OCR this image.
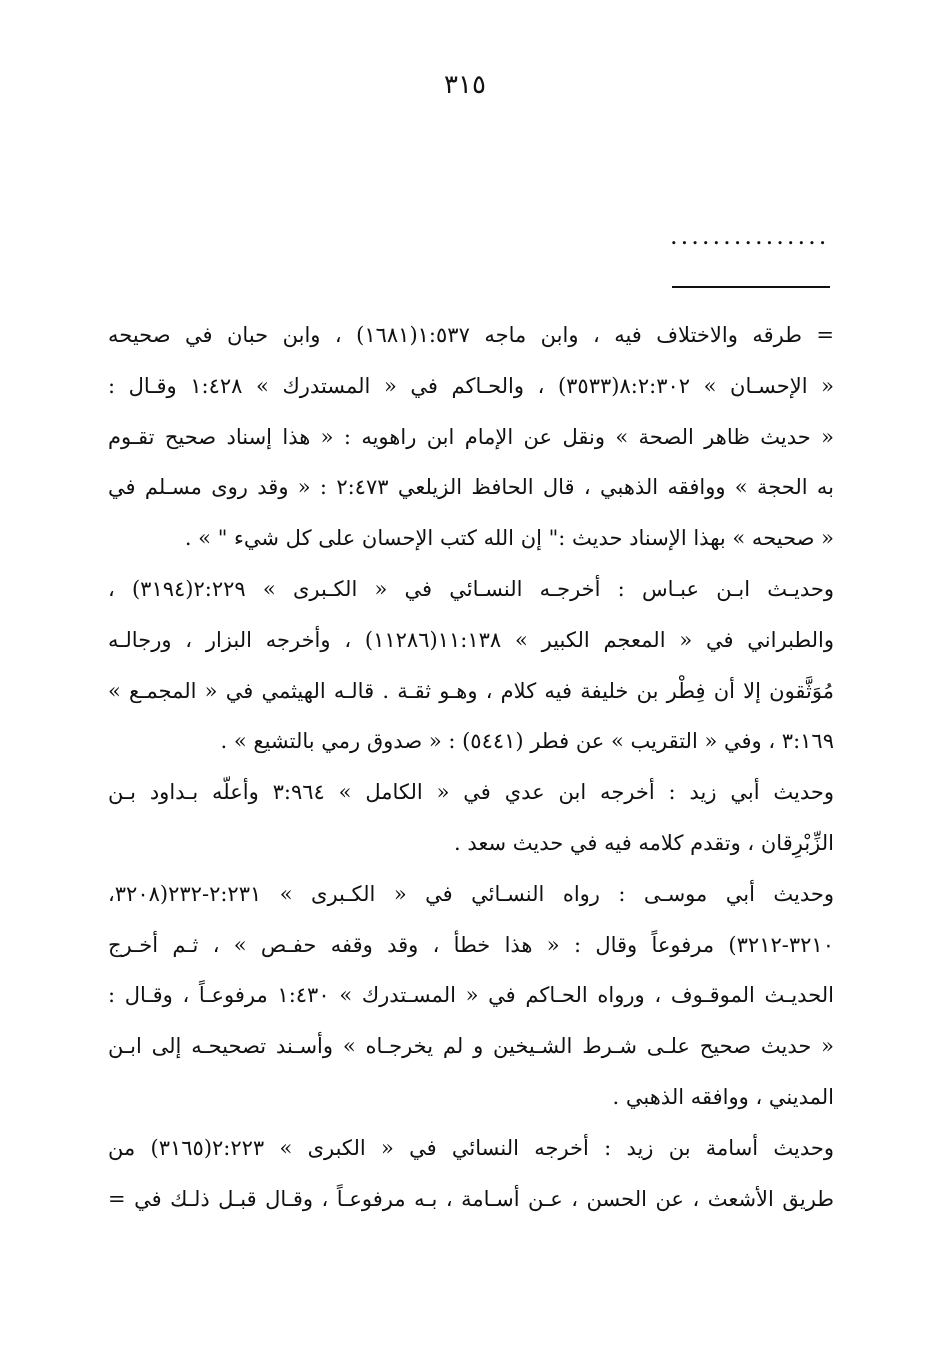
٣١٥
...............
= طرقه والاختلاف فيه ، وابن ماجه ١:٥٣٧(١٦٨١) ، وابن حبان في صحيحه
« الإحسـان » ٨:٢:٣٠٢(٣٥٣٣) ، والحـاكم في « المستدرك » ١:٤٢٨ وقـال :
« حديث ظاهر الصحة » ونقل عن الإمام ابن راهويه : « هذا إسناد صحيح تقـوم
به الحجة » ووافقه الذهبي ، قال الحافظ الزيلعي ٢:٤٧٣ : « وقد روى مسـلم في
« صحيحه » بهذا الإسناد حديث :" إن الله كتب الإحسان على كل شيء " » .
وحديـث ابـن عبـاس : أخرجـه النسـائي في « الكـبرى » ٢:٢٢٩(٣١٩٤) ،
والطبراني في « المعجم الكبير » ١١:١٣٨(١١٢٨٦) ، وأخرجه البزار ، ورجالـه
مُوَثَّقون إلا أن فِطْر بن خليفة فيه كلام ، وهـو ثقـة . قالـه الهيثمي في « المجمـع »
٣:١٦٩ ، وفي « التقريب » عن فطر (٥٤٤١) : « صدوق رمي بالتشيع » .
وحديث أبي زيد : أخرجه ابن عدي في « الكامل » ٣:٩٦٤ وأعلّه بـداود بـن
الزِّبْرِقان ، وتقدم كلامه فيه في حديث سعد .
وحديث أبي موسـى : رواه النسـائي في « الكـبرى » ٢:٢٣١-٢٣٢(٣٢٠٨،
٣٢١٠-٣٢١٢) مرفوعاً وقال : « هذا خطأ ، وقد وقفه حفـص » ، ثـم أخـرج
الحديـث الموقـوف ، ورواه الحـاكم في « المسـتدرك » ١:٤٣٠ مرفوعـاً ، وقـال :
« حديث صحيح علـى شـرط الشـيخين و لم يخرجـاه » وأسـند تصحيحـه إلى ابـن
المديني ، ووافقه الذهبي .
وحديث أسامة بن زيد : أخرجه النسائي في « الكبرى » ٢:٢٢٣(٣١٦٥) من
طريق الأشعث ، عن الحسن ، عـن أسـامة ، بـه مرفوعـاً ، وقـال قبـل ذلـك في =
